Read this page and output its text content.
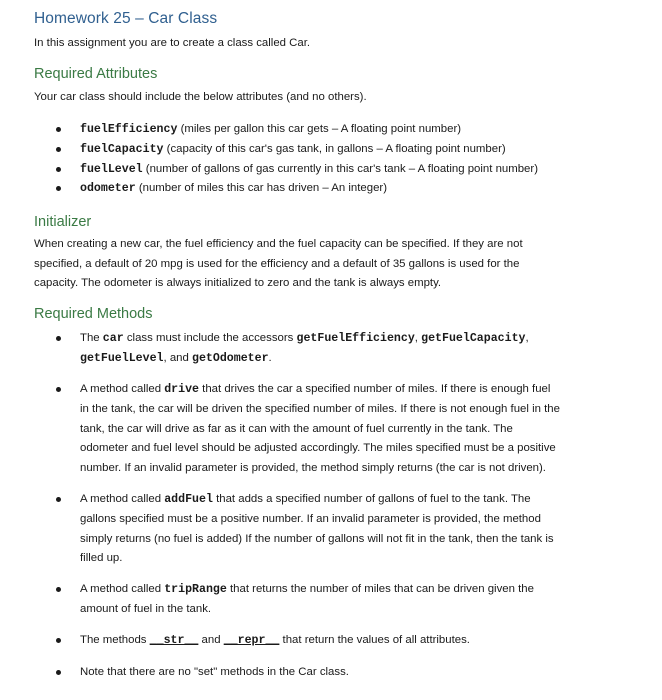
Homework 25 – Car Class
In this assignment you are to create a class called Car.
Required Attributes
Your car class should include the below attributes (and no others).
fuelEfficiency (miles per gallon this car gets – A floating point number)
fuelCapacity (capacity of this car's gas tank, in gallons – A floating point number)
fuelLevel (number of gallons of gas currently in this car's tank – A floating point number)
odometer (number of miles this car has driven – An integer)
Initializer
When creating a new car, the fuel efficiency and the fuel capacity can be specified. If they are not
specified, a default of 20 mpg is used for the efficiency and a default of 35 gallons is used for the
capacity. The odometer is always initialized to zero and the tank is always empty.
Required Methods
The car class must include the accessors getFuelEfficiency, getFuelCapacity,
getFuelLevel, and getOdometer.
A method called drive that drives the car a specified number of miles. If there is enough fuel
in the tank, the car will be driven the specified number of miles. If there is not enough fuel in the
tank, the car will drive as far as it can with the amount of fuel currently in the tank. The
odometer and fuel level should be adjusted accordingly. The miles specified must be a positive
number. If an invalid parameter is provided, the method simply returns (the car is not driven).
A method called addFuel that adds a specified number of gallons of fuel to the tank. The
gallons specified must be a positive number. If an invalid parameter is provided, the method
simply returns (no fuel is added) If the number of gallons will not fit in the tank, then the tank is
filled up.
A method called tripRange that returns the number of miles that can be driven given the
amount of fuel in the tank.
The methods __str__ and __repr__ that return the values of all attributes.
Note that there are no "set" methods in the Car class.
